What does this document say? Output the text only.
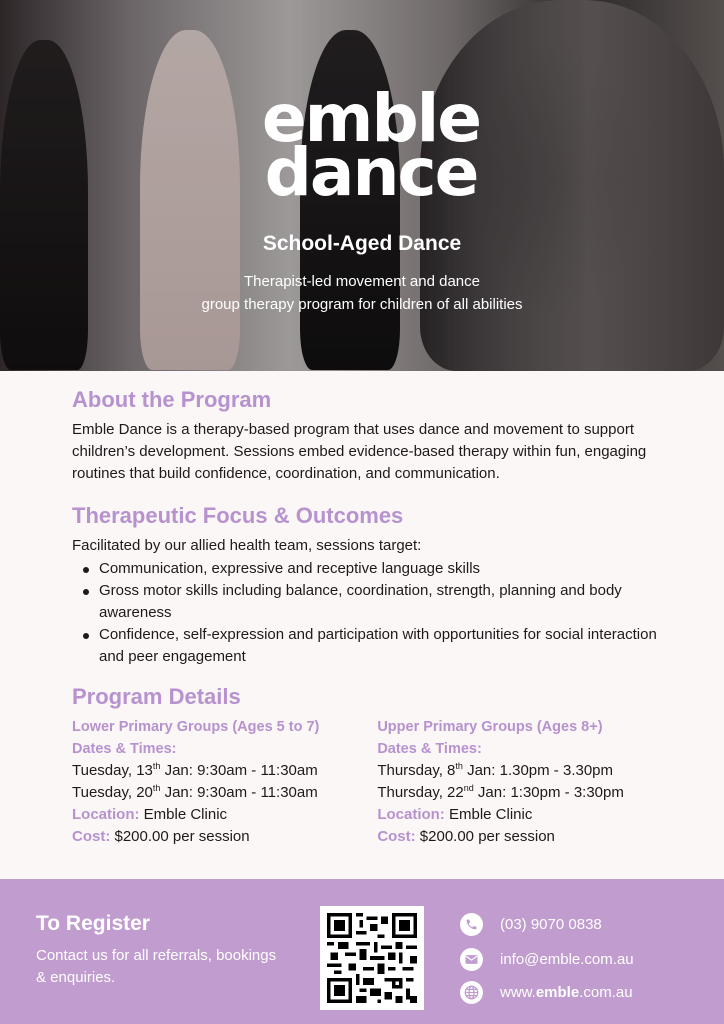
emble
dance
School-Aged Dance
Therapist-led movement and dance
group therapy program for children of all abilities
About the Program

Emble Dance is a therapy-based program that uses dance and movement to support children’s development. Sessions embed evidence-based therapy within fun, engaging routines that build confidence, coordination, and communication.

Therapeutic Focus & Outcomes

Facilitated by our allied health team, sessions target:

Communication, expressive and receptive language skills
Gross motor skills including balance, coordination, strength, planning and body awareness
Confidence, self-expression and participation with opportunities for social interaction and peer engagement
Program Details
Lower Primary Groups (Ages 5 to 7)
Dates & Times:
Tuesday, 13th Jan: 9:30am - 11:30am
Tuesday, 20th Jan: 9:30am - 11:30am
Location: Emble Clinic
Cost: $200.00 per session
Upper Primary Groups (Ages 8+)
Dates & Times:
Thursday, 8th Jan: 1.30pm - 3.30pm
Thursday, 22nd Jan: 1:30pm - 3:30pm
Location: Emble Clinic
Cost: $200.00 per session
To Register
Contact us for all referrals, bookings & enquiries.
(03) 9070 0838
info@emble.com.au
www.emble.com.au
